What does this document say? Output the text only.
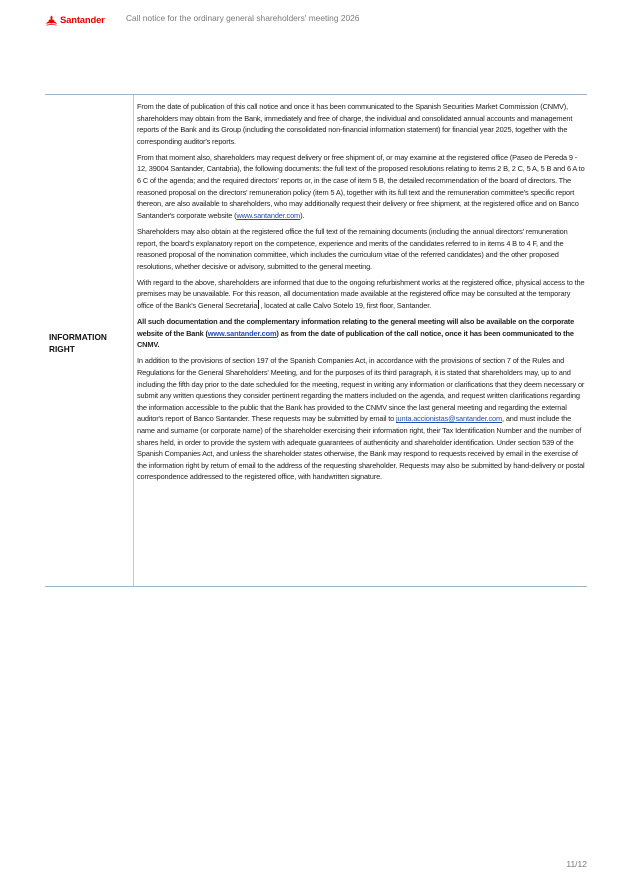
Santander	Call notice for the ordinary general shareholders' meeting 2026
INFORMATION
RIGHT

From the date of publication of this call notice and once it has been communicated to the Spanish Securities Market Commission (CNMV), shareholders may obtain from the Bank, immediately and free of charge, the individual and consolidated annual accounts and management reports of the Bank and its Group (including the consolidated non-financial information statement) for financial year 2025, together with the corresponding auditor's reports.

From that moment also, shareholders may request delivery or free shipment of, or may examine at the registered office (Paseo de Pereda 9 - 12, 39004 Santander, Cantabria), the following documents: the full text of the proposed resolutions relating to items 2 B, 2 C, 5 A, 5 B and 6 A to 6 C of the agenda; and the required directors' reports or, in the case of item 5 B, the detailed recommendation of the board of directors. The reasoned proposal on the directors' remuneration policy (item 5 A), together with its full text and the remuneration committee's specific report thereon, are also available to shareholders, who may additionally request their delivery or free shipment, at the registered office and on Banco Santander's corporate website (www.santander.com).

Shareholders may also obtain at the registered office the full text of the remaining documents (including the annual directors' remuneration report, the board's explanatory report on the competence, experience and merits of the candidates referred to in items 4 B to 4 F, and the reasoned proposal of the nomination committee, which includes the curriculum vitae of the referred candidates) and the other proposed resolutions, whether decisive or advisory, submitted to the general meeting.

With regard to the above, shareholders are informed that due to the ongoing refurbishment works at the registered office, physical access to the premises may be unavailable. For this reason, all documentation made available at the registered office may be consulted at the temporary office of the Bank's General Secretaria , located at calle Calvo Sotelo 19, first floor, Santander.

All such documentation and the complementary information relating to the general meeting will also be available on the corporate website of the Bank (www.santander.com) as from the date of publication of the call notice, once it has been communicated to the CNMV.

In addition to the provisions of section 197 of the Spanish Companies Act, in accordance with the provisions of section 7 of the Rules and Regulations for the General Shareholders' Meeting, and for the purposes of its third paragraph, it is stated that shareholders may, up to and including the fifth day prior to the date scheduled for the meeting, request in writing any information or clarifications that they deem necessary or submit any written questions they consider pertinent regarding the matters included on the agenda, and request written clarifications regarding the information accessible to the public that the Bank has provided to the CNMV since the last general meeting and regarding the external auditor's report of Banco Santander. These requests may be submitted by email to junta.accionistas@santander.com, and must include the name and surname (or corporate name) of the shareholder exercising their information right, their Tax Identification Number and the number of shares held, in order to provide the system with adequate guarantees of authenticity and shareholder identification. Under section 539 of the Spanish Companies Act, and unless the shareholder states otherwise, the Bank may respond to requests received by email in the exercise of the information right by return of email to the address of the requesting shareholder. Requests may also be submitted by hand-delivery or postal correspondence addressed to the registered office, with handwritten signature.

11/12
